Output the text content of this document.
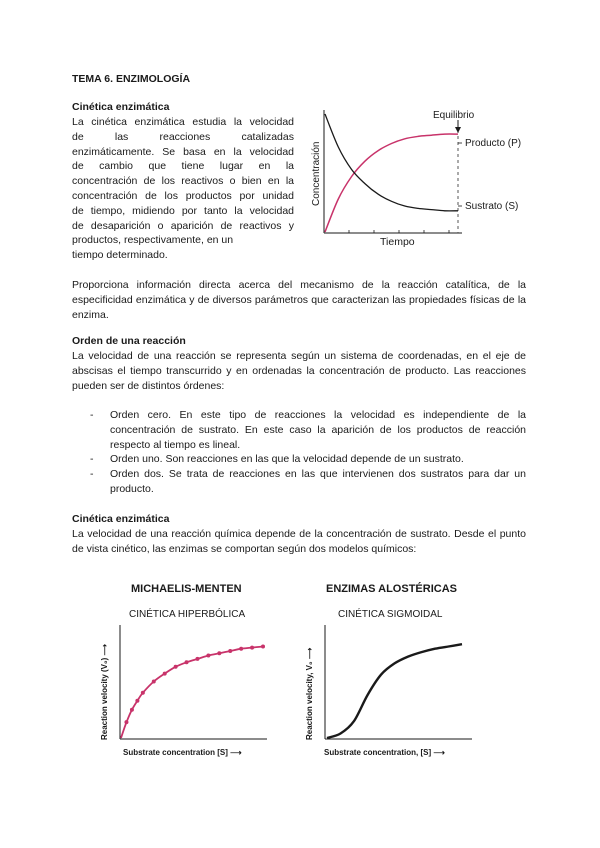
TEMA 6. ENZIMOLOGÍA
Cinética enzimática
La cinética enzimática estudia la velocidad
de las reacciones catalizadas
enzimáticamente. Se basa en la velocidad
de cambio que tiene lugar en la
concentración de los reactivos o bien en la
concentración de los productos por unidad
de tiempo, midiendo por tanto la velocidad
de desaparición o aparición de reactivos y
productos, respectivamente, en un
tiempo determinado.
Equilibrio
Producto (P)
Sustrato (S)
Tiempo
Concentración
Proporciona información directa acerca del mecanismo de la reacción catalítica, de la especificidad enzimática y de diversos parámetros que caracterizan las propiedades físicas de la enzima.
Orden de una reacción
La velocidad de una reacción se representa según un sistema de coordenadas, en el eje de abscisas el tiempo transcurrido y en ordenadas la concentración de producto. Las reacciones pueden ser de distintos órdenes:
- Orden cero. En este tipo de reacciones la velocidad es independiente de la concentración de sustrato. En este caso la aparición de los productos de reacción respecto al tiempo es lineal.
- Orden uno. Son reacciones en las que la velocidad depende de un sustrato.
- Orden dos. Se trata de reacciones en las que intervienen dos sustratos para dar un producto.
Cinética enzimática
La velocidad de una reacción química depende de la concentración de sustrato. Desde el punto de vista cinético, las enzimas se comportan según dos modelos químicos:
MICHAELIS-MENTEN
CINÉTICA HIPERBÓLICA
Substrate concentration [S] ⟶
Reaction velocity (V₀) ⟶
ENZIMAS ALOSTÉRICAS
CINÉTICA SIGMOIDAL
Substrate concentration, [S] ⟶
Reaction velocity, V₀ ⟶
